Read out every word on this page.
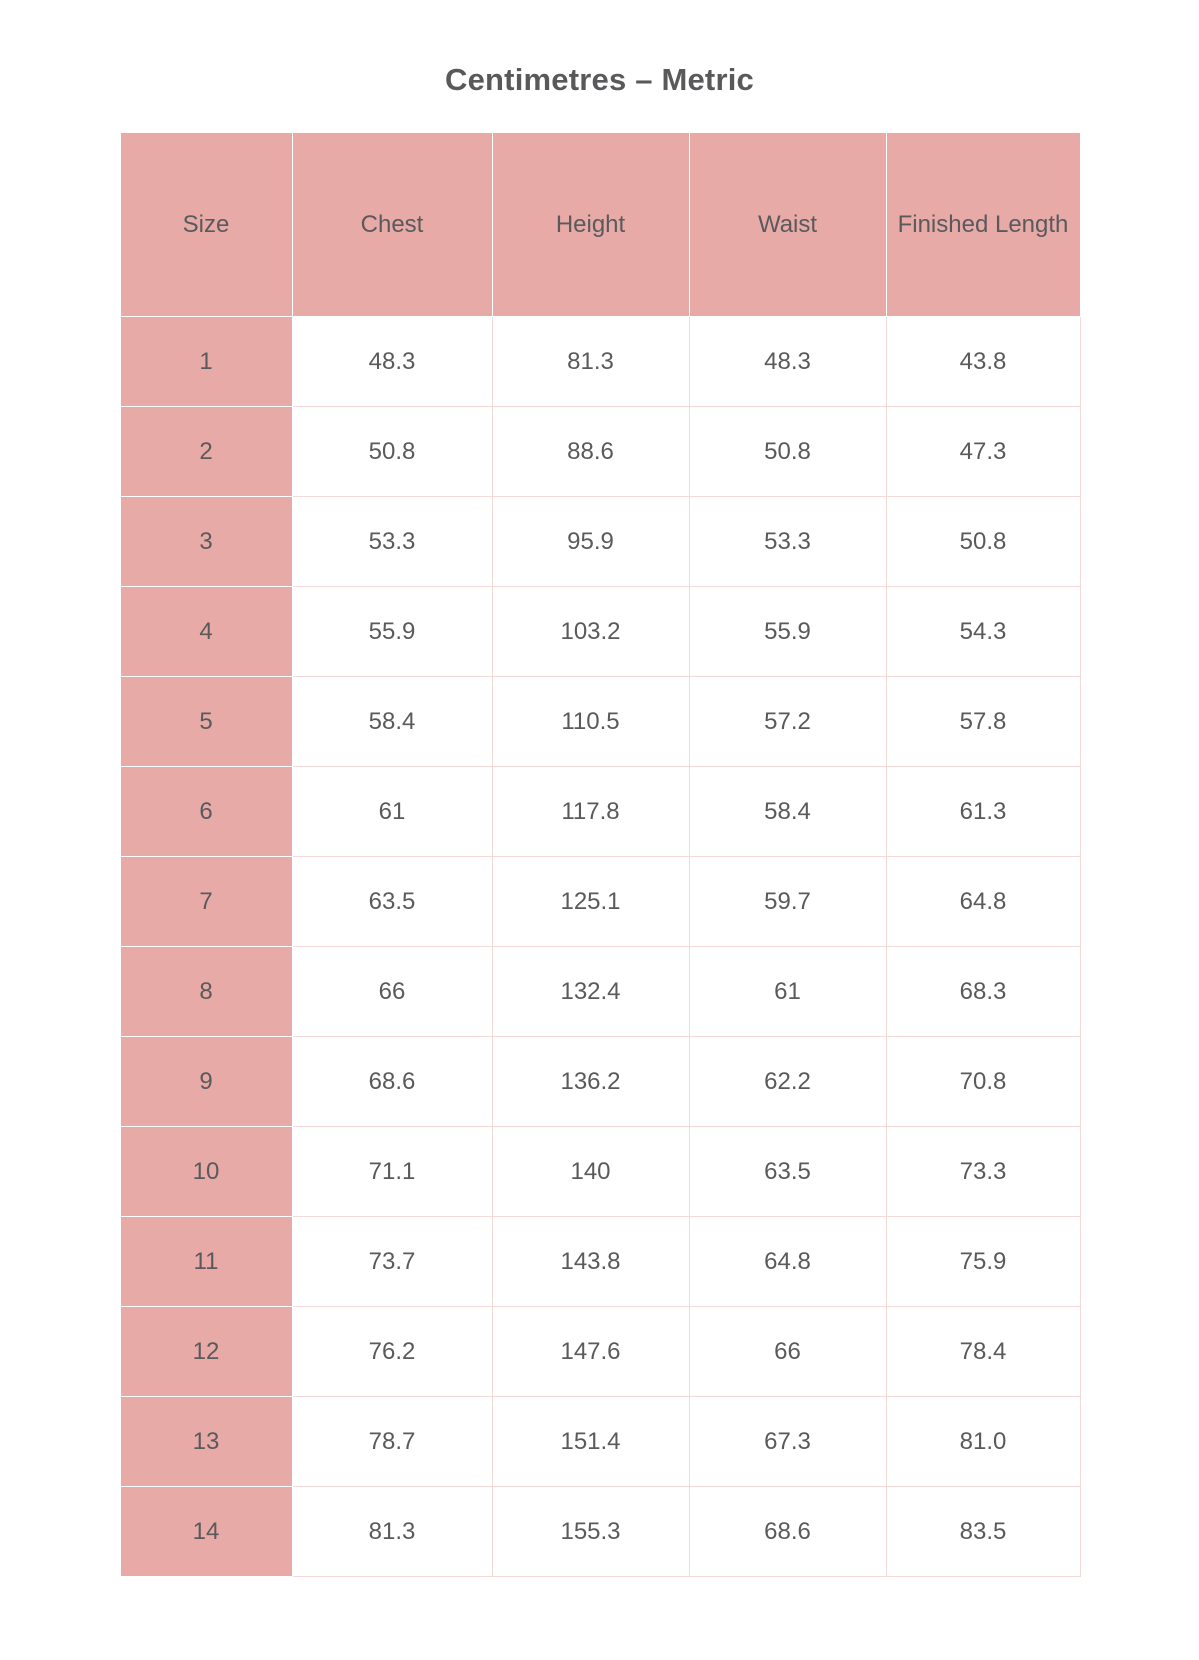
Centimetres – Metric
Size	Chest	Height	Waist	Finished Length
1	48.3	81.3	48.3	43.8
2	50.8	88.6	50.8	47.3
3	53.3	95.9	53.3	50.8
4	55.9	103.2	55.9	54.3
5	58.4	110.5	57.2	57.8
6	61	117.8	58.4	61.3
7	63.5	125.1	59.7	64.8
8	66	132.4	61	68.3
9	68.6	136.2	62.2	70.8
10	71.1	140	63.5	73.3
11	73.7	143.8	64.8	75.9
12	76.2	147.6	66	78.4
13	78.7	151.4	67.3	81.0
14	81.3	155.3	68.6	83.5
